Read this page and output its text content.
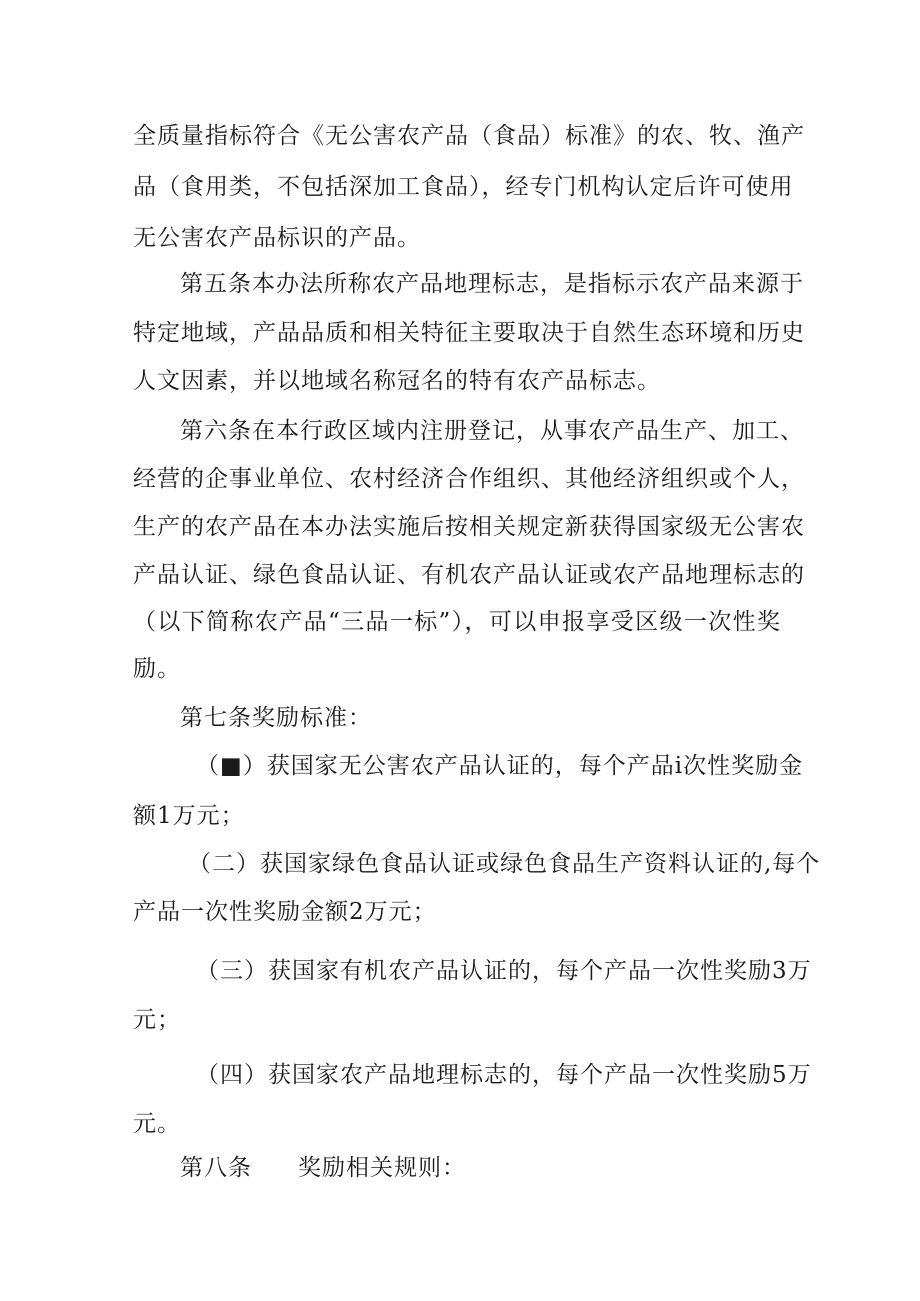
全质量指标符合《无公害农产品（食品）标准》的农、牧、渔产
品（食用类，不包括深加工食品），经专门机构认定后许可使用
无公害农产品标识的产品。
第五条本办法所称农产品地理标志，是指标示农产品来源于
特定地域，产品品质和相关特征主要取决于自然生态环境和历史
人文因素，并以地域名称冠名的特有农产品标志。
第六条在本行政区域内注册登记，从事农产品生产、加工、
经营的企事业单位、农村经济合作组织、其他经济组织或个人，
生产的农产品在本办法实施后按相关规定新获得国家级无公害农
产品认证、绿色食品认证、有机农产品认证或农产品地理标志的
（以下简称农产品“三品一标”），可以申报享受区级一次性奖
励。
第七条奖励标准：
（■）获国家无公害农产品认证的，每个产品i次性奖励金
额1万元；
（二）获国家绿色食品认证或绿色食品生产资料认证的,每个
产品一次性奖励金额2万元；
（三）获国家有机农产品认证的，每个产品一次性奖励3万
元；
（四）获国家农产品地理标志的，每个产品一次性奖励5万
元。
第八条 奖励相关规则：
